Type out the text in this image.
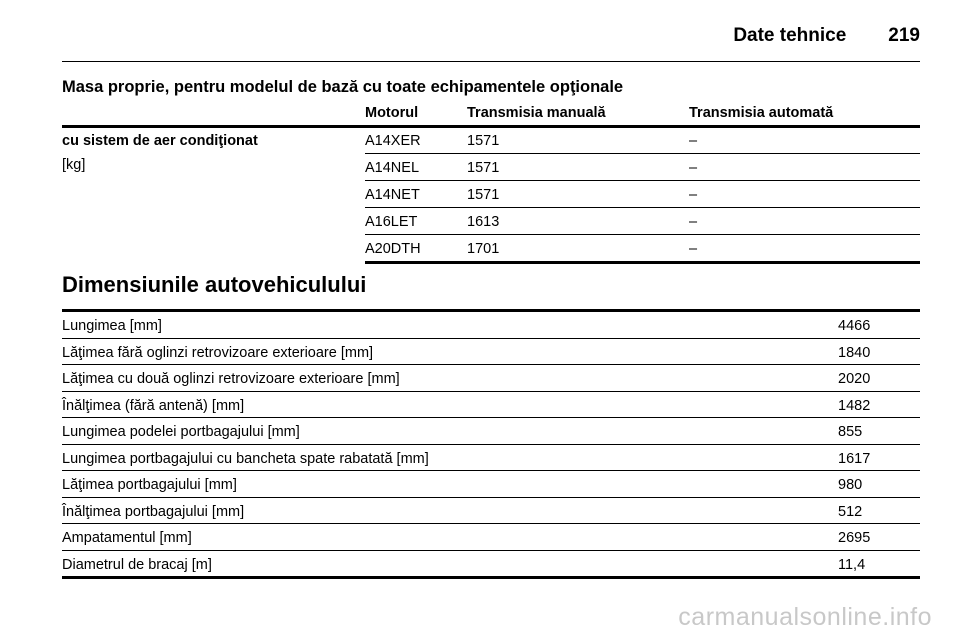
Date tehnice 219
Masa proprie, pentru modelul de bază cu toate echipamentele opţionale
Motorul	Transmisia manuală	Transmisia automată
cu sistem de aer condiţionat
[kg]
A14XER	1571	–
A14NEL	1571	–
A14NET	1571	–
A16LET	1613	–
A20DTH	1701	–
Dimensiunile autovehiculului
Lungimea [mm]	4466
Lăţimea fără oglinzi retrovizoare exterioare [mm]	1840
Lăţimea cu două oglinzi retrovizoare exterioare [mm]	2020
Înălţimea (fără antenă) [mm]	1482
Lungimea podelei portbagajului [mm]	855
Lungimea portbagajului cu bancheta spate rabatată [mm]	1617
Lăţimea portbagajului [mm]	980
Înălţimea portbagajului [mm]	512
Ampatamentul [mm]	2695
Diametrul de bracaj [m]	11,4
carmanualsonline.info
